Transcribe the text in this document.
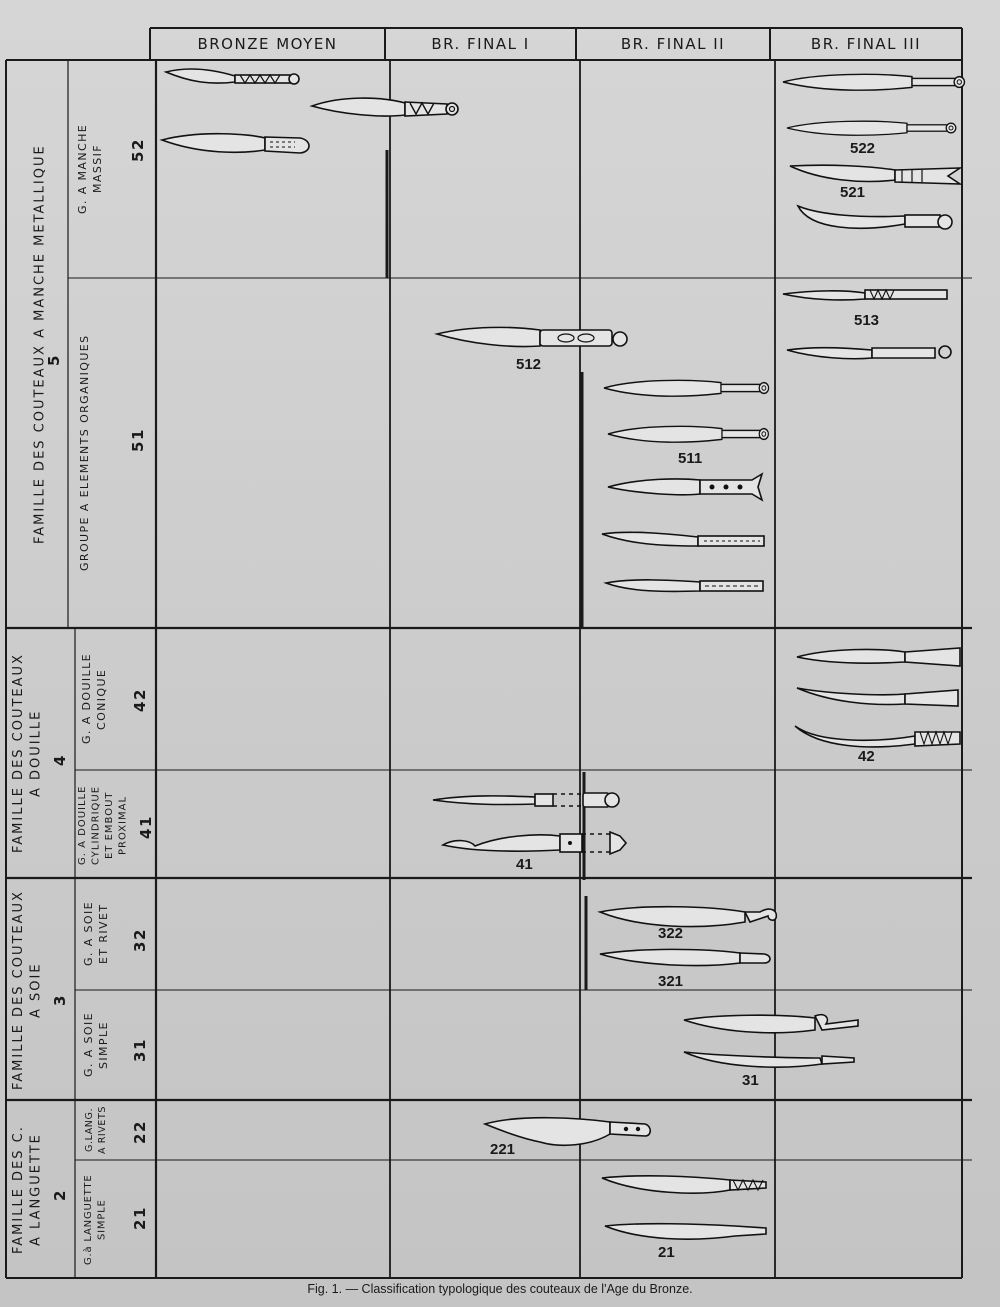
BRONZE MOYEN	BR. FINAL I	BR. FINAL II	BR. FINAL III

FAMILLE DES COUTEAUX A MANCHE METALLIQUE

5
FAMILLE DES COUTEAUX
A DOUILLE 4
FAMILLE DES COUTEAUX
A SOIE 3
FAMILLE DES C.
A LANGUETTE 2
G. A MANCHE
MASSIF	52
GROUPE A ELEMENTS ORGANIQUES	51
G. A DOUILLE
CONIQUE	42
G. A DOUILLE
CYLINDRIQUE
ET EMBOUT
PROXIMAL 41
G. A SOIE
ET RIVET	32
G. A SOIE
SIMPLE	31
G.LANG.
A RIVETS	22
G.à LANGUETTE
SIMPLE	21
522
521
513
512
511
42
41
322
321
31
221
21
Fig. 1. — Classification typologique des couteaux de l'Age du Bronze.
